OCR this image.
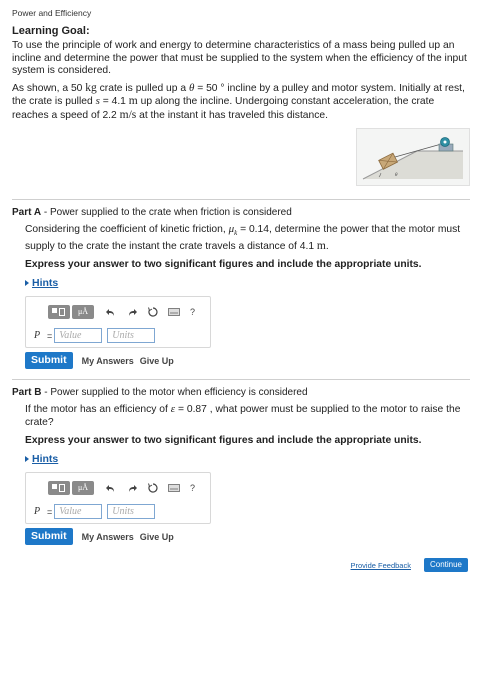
Power and Efficiency
Learning Goal:

To use the principle of work and energy to determine characteristics of a mass being pulled up an incline and determine the power that must be supplied to the system when the efficiency of the input system is considered.

As shown, a 50 kg crate is pulled up a θ = 50 ° incline by a pulley and motor system. Initially at rest, the crate is pulled s = 4.1 m up along the incline. Undergoing constant acceleration, the crate reaches a speed of 2.2 m/s at the instant it has traveled this distance.

θ
Part A - Power supplied to the crate when friction is considered

Considering the coefficient of kinetic friction, $\mu_k = 0.14$, determine the power that the motor must supply to the crate the instant the crate travels a distance of 4.1 m.

Express your answer to two significant figures and include the appropriate units.
Hints
μÅ	?
P = Value	Units
Submit	My Answers Give Up
Part B - Power supplied to the motor when efficiency is considered

If the motor has an efficiency of ε = 0.87 , what power must be supplied to the motor to raise the crate?

Express your answer to two significant figures and include the appropriate units.
Hints
μÅ	?
P = Value	Units
Submit	My Answers Give Up
Provide Feedback	Continue
